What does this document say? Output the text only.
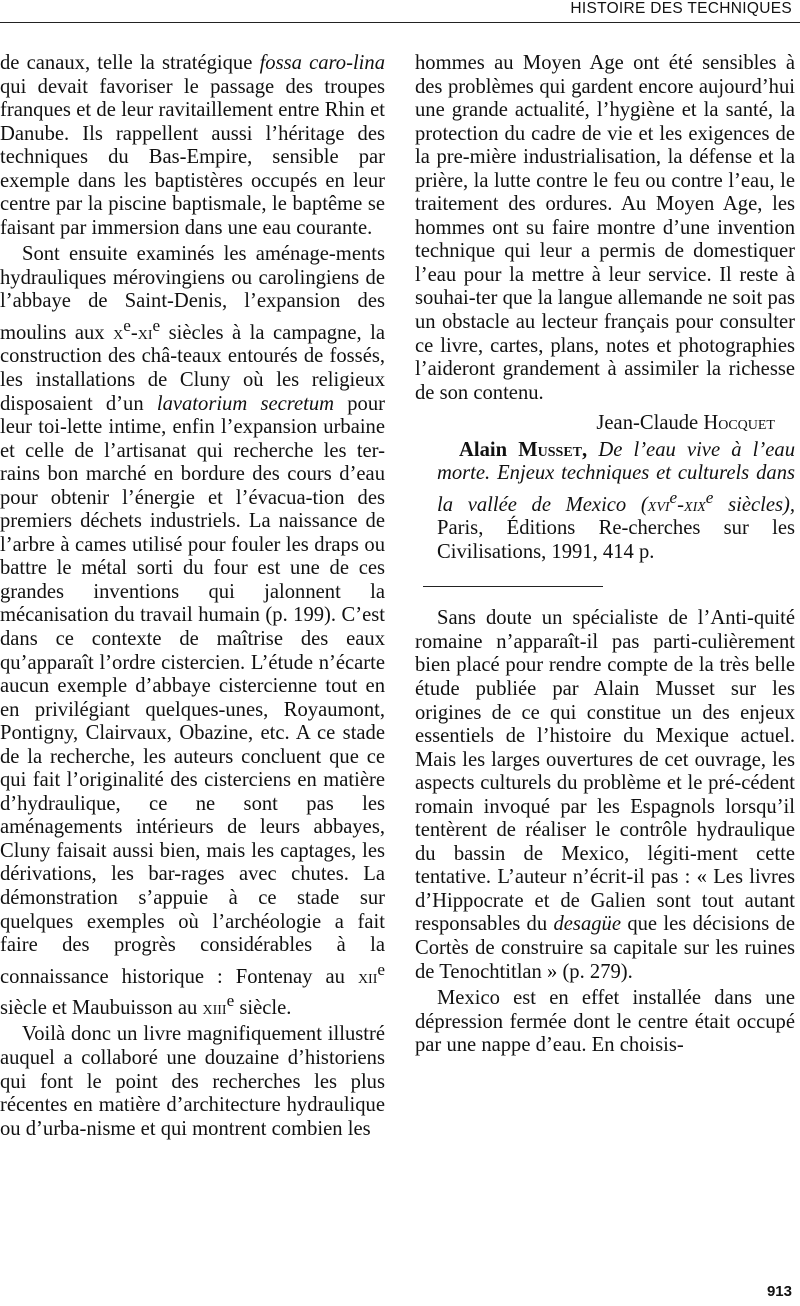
HISTOIRE DES TECHNIQUES

de canaux, telle la stratégique fossa caro-lina qui devait favoriser le passage des troupes franques et de leur ravitaillement entre Rhin et Danube. Ils rappellent aussi l’héritage des techniques du Bas-Empire, sensible par exemple dans les baptistères occupés en leur centre par la piscine baptismale, le baptême se faisant par immersion dans une eau courante.

Sont ensuite examinés les aménage-ments hydrauliques mérovingiens ou carolingiens de l’abbaye de Saint-Denis, l’expansion des moulins aux $x^e-xi^e$ siècles à la campagne, la construction des châ-teaux entourés de fossés, les installations de Cluny où les religieux disposaient d’un lavatorium secretum pour leur toi-lette intime, enfin l’expansion urbaine et celle de l’artisanat qui recherche les ter-rains bon marché en bordure des cours d’eau pour obtenir l’énergie et l’évacua-tion des premiers déchets industriels. La naissance de l’arbre à cames utilisé pour fouler les draps ou battre le métal sorti du four est une de ces grandes inventions qui jalonnent la mécanisation du travail humain (p. 199). C’est dans ce contexte de maîtrise des eaux qu’apparaît l’ordre cistercien. L’étude n’écarte aucun exemple d’abbaye cistercienne tout en en privilégiant quelques-unes, Royaumont, Pontigny, Clairvaux, Obazine, etc. A ce stade de la recherche, les auteurs concluent que ce qui fait l’originalité des cisterciens en matière d’hydraulique, ce ne sont pas les aménagements intérieurs de leurs abbayes, Cluny faisait aussi bien, mais les captages, les dérivations, les bar-rages avec chutes. La démonstration s’appuie à ce stade sur quelques exemples où l’archéologie a fait faire des progrès considérables à la connaissance historique : Fontenay au xii$^e$ siècle et Maubuisson au xiii$^e$ siècle.

Voilà donc un livre magnifiquement illustré auquel a collaboré une douzaine d’historiens qui font le point des recherches les plus récentes en matière d’architecture hydraulique ou d’urba-nisme et qui montrent combien les

hommes au Moyen Age ont été sensibles à des problèmes qui gardent encore aujourd’hui une grande actualité, l’hygiène et la santé, la protection du cadre de vie et les exigences de la pre-mière industrialisation, la défense et la prière, la lutte contre le feu ou contre l’eau, le traitement des ordures. Au Moyen Age, les hommes ont su faire montre d’une invention technique qui leur a permis de domestiquer l’eau pour la mettre à leur service. Il reste à souhai-ter que la langue allemande ne soit pas un obstacle au lecteur français pour consulter ce livre, cartes, plans, notes et photographies l’aideront grandement à assimiler la richesse de son contenu.

Jean-Claude Hocquet

Alain Musset, De l’eau vive à l’eau morte. Enjeux techniques et culturels dans la vallée de Mexico (xvi$^e$-xix$^e$ siècles), Paris, Éditions Re-cherches sur les Civilisations, 1991, 414 p.

Sans doute un spécialiste de l’Anti-quité romaine n’apparaît-il pas parti-culièrement bien placé pour rendre compte de la très belle étude publiée par Alain Musset sur les origines de ce qui constitue un des enjeux essentiels de l’histoire du Mexique actuel. Mais les larges ouvertures de cet ouvrage, les aspects culturels du problème et le pré-cédent romain invoqué par les Espagnols lorsqu’il tentèrent de réaliser le contrôle hydraulique du bassin de Mexico, légiti-ment cette tentative. L’auteur n’écrit-il pas : « Les livres d’Hippocrate et de Galien sont tout autant responsables du desagüe que les décisions de Cortès de construire sa capitale sur les ruines de Tenochtitlan » (p. 279).

Mexico est en effet installée dans une dépression fermée dont le centre était occupé par une nappe d’eau. En choisis-

913
